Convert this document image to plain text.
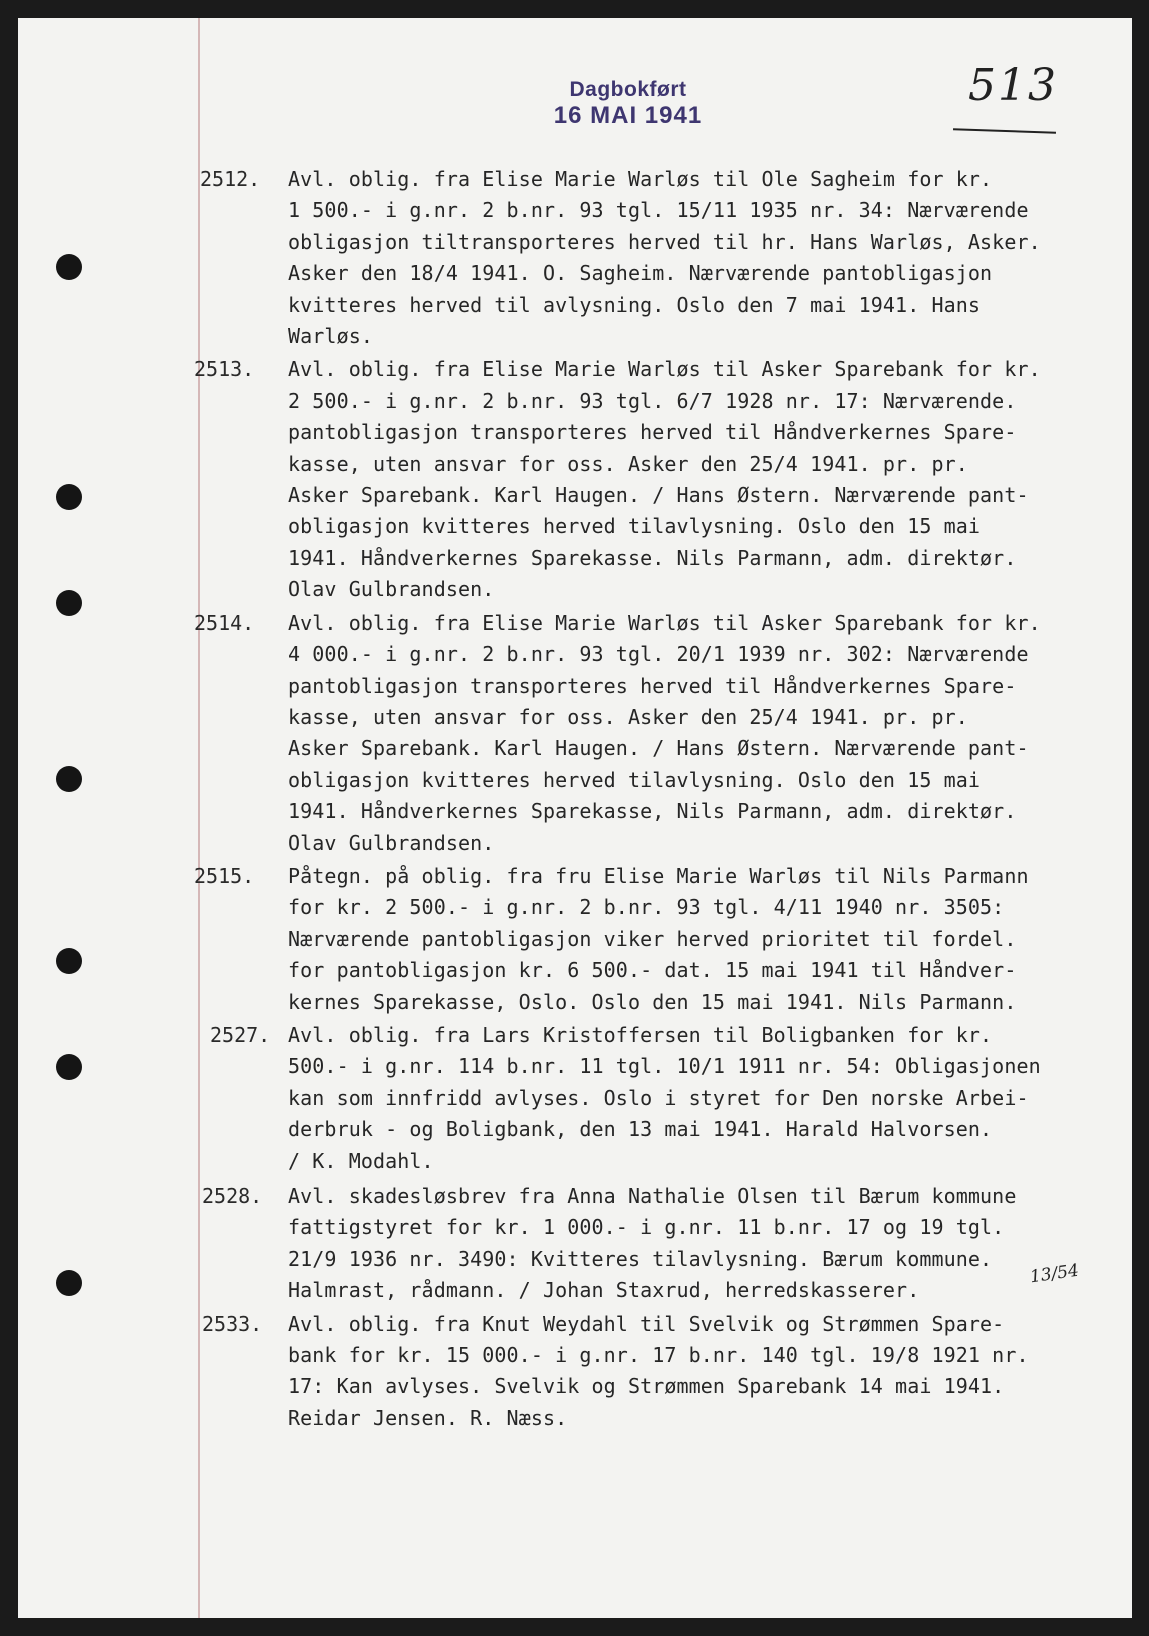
Dagbokført
16 MAI 1941
513
2512. Avl. oblig. fra Elise Marie Warløs til Ole Sagheim for kr.
1 500.- i g.nr. 2 b.nr. 93 tgl. 15/11 1935 nr. 34: Nærværende
obligasjon tiltransporteres herved til hr. Hans Warløs, Asker.
Asker den 18/4 1941. O. Sagheim. Nærværende pantobligasjon
kvitteres herved til avlysning. Oslo den 7 mai 1941. Hans
Warløs.
2513. Avl. oblig. fra Elise Marie Warløs til Asker Sparebank for kr.
2 500.- i g.nr. 2 b.nr. 93 tgl. 6/7 1928 nr. 17: Nærværende.
pantobligasjon transporteres herved til Håndverkernes Spare-
kasse, uten ansvar for oss. Asker den 25/4 1941. pr. pr.
Asker Sparebank. Karl Haugen. / Hans Østern. Nærværende pant-
obligasjon kvitteres herved tilavlysning. Oslo den 15 mai
1941. Håndverkernes Sparekasse. Nils Parmann, adm. direktør.
Olav Gulbrandsen.
2514. Avl. oblig. fra Elise Marie Warløs til Asker Sparebank for kr.
4 000.- i g.nr. 2 b.nr. 93 tgl. 20/1 1939 nr. 302: Nærværende
pantobligasjon transporteres herved til Håndverkernes Spare-
kasse, uten ansvar for oss. Asker den 25/4 1941. pr. pr.
Asker Sparebank. Karl Haugen. / Hans Østern. Nærværende pant-
obligasjon kvitteres herved tilavlysning. Oslo den 15 mai
1941. Håndverkernes Sparekasse, Nils Parmann, adm. direktør.
Olav Gulbrandsen.
2515. Påtegn. på oblig. fra fru Elise Marie Warløs til Nils Parmann
for kr. 2 500.- i g.nr. 2 b.nr. 93 tgl. 4/11 1940 nr. 3505:
Nærværende pantobligasjon viker herved prioritet til fordel.
for pantobligasjon kr. 6 500.- dat. 15 mai 1941 til Håndver-
kernes Sparekasse, Oslo. Oslo den 15 mai 1941. Nils Parmann.
2527. Avl. oblig. fra Lars Kristoffersen til Boligbanken for kr.
500.- i g.nr. 114 b.nr. 11 tgl. 10/1 1911 nr. 54: Obligasjonen
kan som innfridd avlyses. Oslo i styret for Den norske Arbei-
derbruk - og Boligbank, den 13 mai 1941. Harald Halvorsen.
/ K. Modahl.
2528. Avl. skadesløsbrev fra Anna Nathalie Olsen til Bærum kommune
fattigstyret for kr. 1 000.- i g.nr. 11 b.nr. 17 og 19 tgl.
21/9 1936 nr. 3490: Kvitteres tilavlysning. Bærum kommune.
Halmrast, rådmann. / Johan Staxrud, herredskasserer.
2533. Avl. oblig. fra Knut Weydahl til Svelvik og Strømmen Spare-
bank for kr. 15 000.- i g.nr. 17 b.nr. 140 tgl. 19/8 1921 nr.
17: Kan avlyses. Svelvik og Strømmen Sparebank 14 mai 1941.
Reidar Jensen. R. Næss.
13/54
